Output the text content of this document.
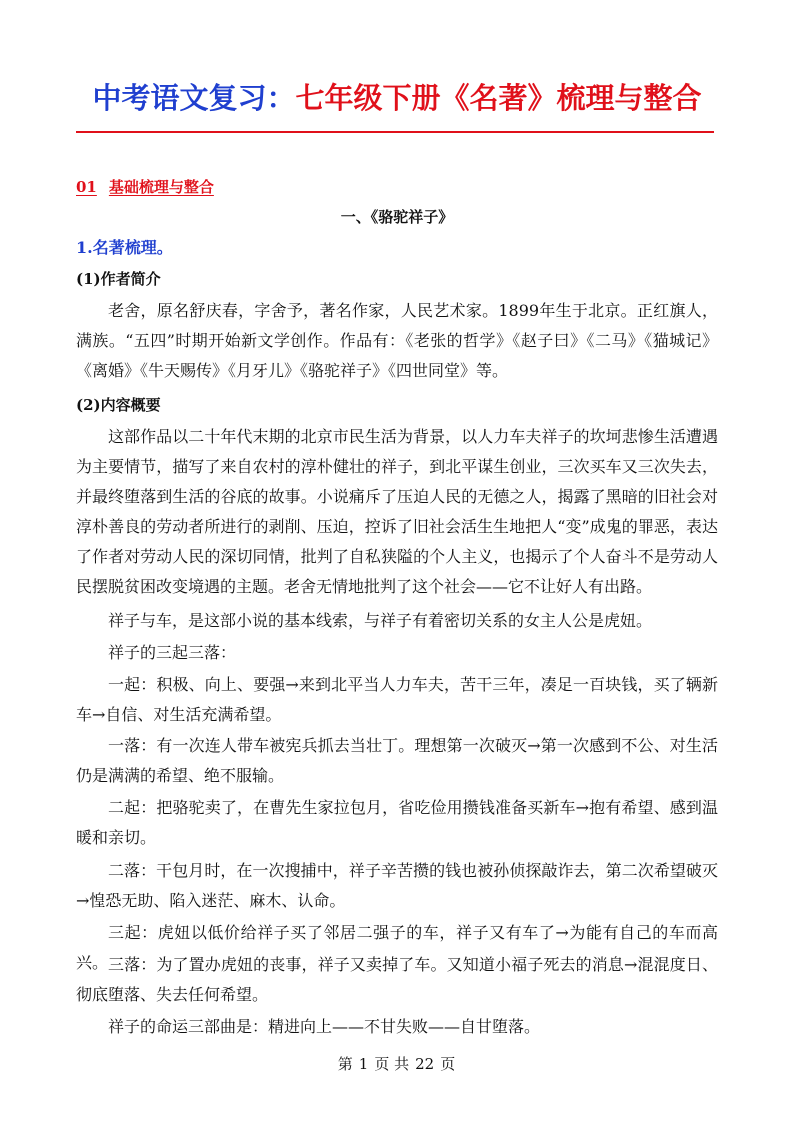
中考语文复习：七年级下册《名著》梳理与整合
01 基础梳理与整合
一、《骆驼祥子》
1.名著梳理。
(1)作者简介
老舍，原名舒庆春，字舍予，著名作家，人民艺术家。1899年生于北京。正红旗人，满族。“五四”时期开始新文学创作。作品有：《老张的哲学》《赵子曰》《二马》《猫城记》《离婚》《牛天赐传》《月牙儿》《骆驼祥子》《四世同堂》等。
(2)内容概要
这部作品以二十年代末期的北京市民生活为背景，以人力车夫祥子的坎坷悲惨生活遭遇为主要情节，描写了来自农村的淳朴健壮的祥子，到北平谋生创业，三次买车又三次失去，并最终堕落到生活的谷底的故事。小说痛斥了压迫人民的无德之人，揭露了黑暗的旧社会对淳朴善良的劳动者所进行的剥削、压迫，控诉了旧社会活生生地把人“变”成鬼的罪恶，表达了作者对劳动人民的深切同情，批判了自私狭隘的个人主义，也揭示了个人奋斗不是劳动人民摆脱贫困改变境遇的主题。老舍无情地批判了这个社会——它不让好人有出路。
祥子与车，是这部小说的基本线索，与祥子有着密切关系的女主人公是虎妞。
祥子的三起三落：
一起：积极、向上、要强→来到北平当人力车夫，苦干三年，凑足一百块钱，买了辆新车→自信、对生活充满希望。
一落：有一次连人带车被宪兵抓去当壮丁。理想第一次破灭→第一次感到不公、对生活仍是满满的希望、绝不服输。
二起：把骆驼卖了，在曹先生家拉包月，省吃俭用攒钱准备买新车→抱有希望、感到温暖和亲切。
二落：干包月时，在一次搜捕中，祥子辛苦攒的钱也被孙侦探敲诈去，第二次希望破灭→惶恐无助、陷入迷茫、麻木、认命。
三起：虎妞以低价给祥子买了邻居二强子的车，祥子又有车了→为能有自己的车而高兴。 三落：为了置办虎妞的丧事，祥子又卖掉了车。又知道小福子死去的消息→混混度日、彻底堕落、失去任何希望。
祥子的命运三部曲是：精进向上——不甘失败——自甘堕落。
第 1 页 共 22 页
